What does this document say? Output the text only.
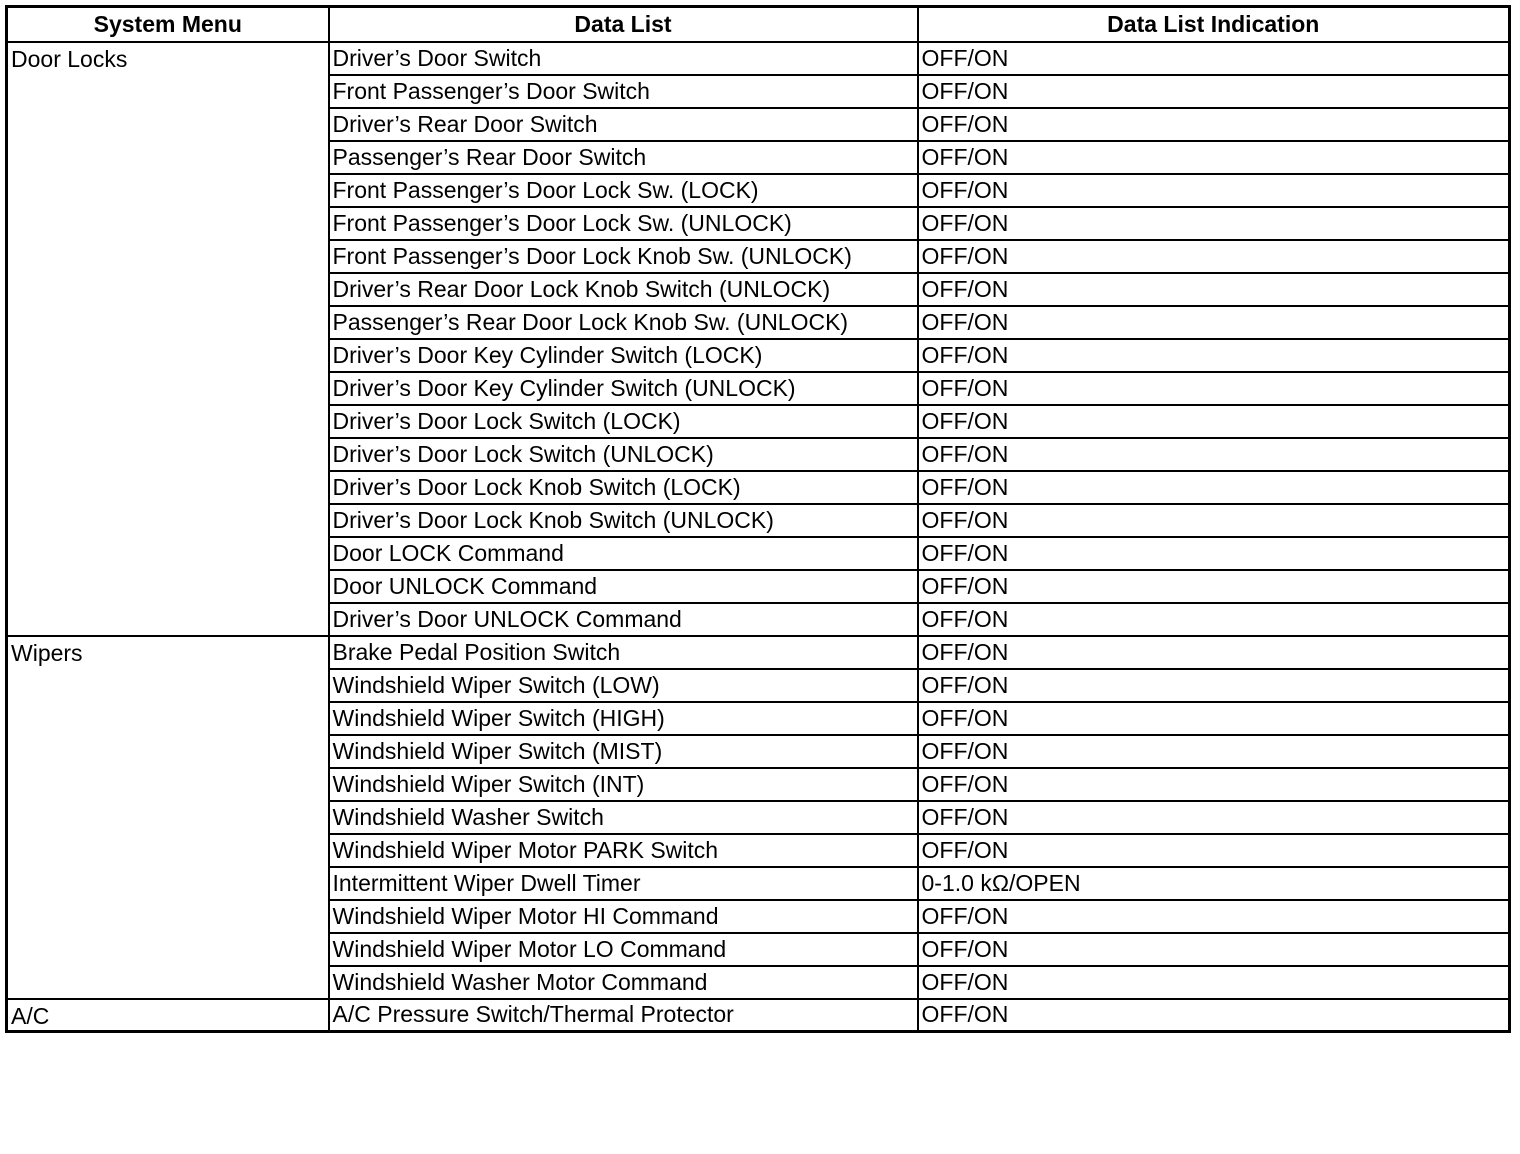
System Menu	Data List	Data List Indication
Door Locks	Driver’s Door Switch	OFF/ON
	Front Passenger’s Door Switch	OFF/ON
	Driver’s Rear Door Switch	OFF/ON
	Passenger’s Rear Door Switch	OFF/ON
	Front Passenger’s Door Lock Sw. (LOCK)	OFF/ON
	Front Passenger’s Door Lock Sw. (UNLOCK)	OFF/ON
	Front Passenger’s Door Lock Knob Sw. (UNLOCK)	OFF/ON
	Driver’s Rear Door Lock Knob Switch (UNLOCK)	OFF/ON
	Passenger’s Rear Door Lock Knob Sw. (UNLOCK)	OFF/ON
	Driver’s Door Key Cylinder Switch (LOCK)	OFF/ON
	Driver’s Door Key Cylinder Switch (UNLOCK)	OFF/ON
	Driver’s Door Lock Switch (LOCK)	OFF/ON
	Driver’s Door Lock Switch (UNLOCK)	OFF/ON
	Driver’s Door Lock Knob Switch (LOCK)	OFF/ON
	Driver’s Door Lock Knob Switch (UNLOCK)	OFF/ON
	Door LOCK Command	OFF/ON
	Door UNLOCK Command	OFF/ON
	Driver’s Door UNLOCK Command	OFF/ON
Wipers	Brake Pedal Position Switch	OFF/ON
	Windshield Wiper Switch (LOW)	OFF/ON
	Windshield Wiper Switch (HIGH)	OFF/ON
	Windshield Wiper Switch (MIST)	OFF/ON
	Windshield Wiper Switch (INT)	OFF/ON
	Windshield Washer Switch	OFF/ON
	Windshield Wiper Motor PARK Switch	OFF/ON
	Intermittent Wiper Dwell Timer	0-1.0 kΩ/OPEN
	Windshield Wiper Motor HI Command	OFF/ON
	Windshield Wiper Motor LO Command	OFF/ON
	Windshield Washer Motor Command	OFF/ON
A/C	A/C Pressure Switch/Thermal Protector	OFF/ON
